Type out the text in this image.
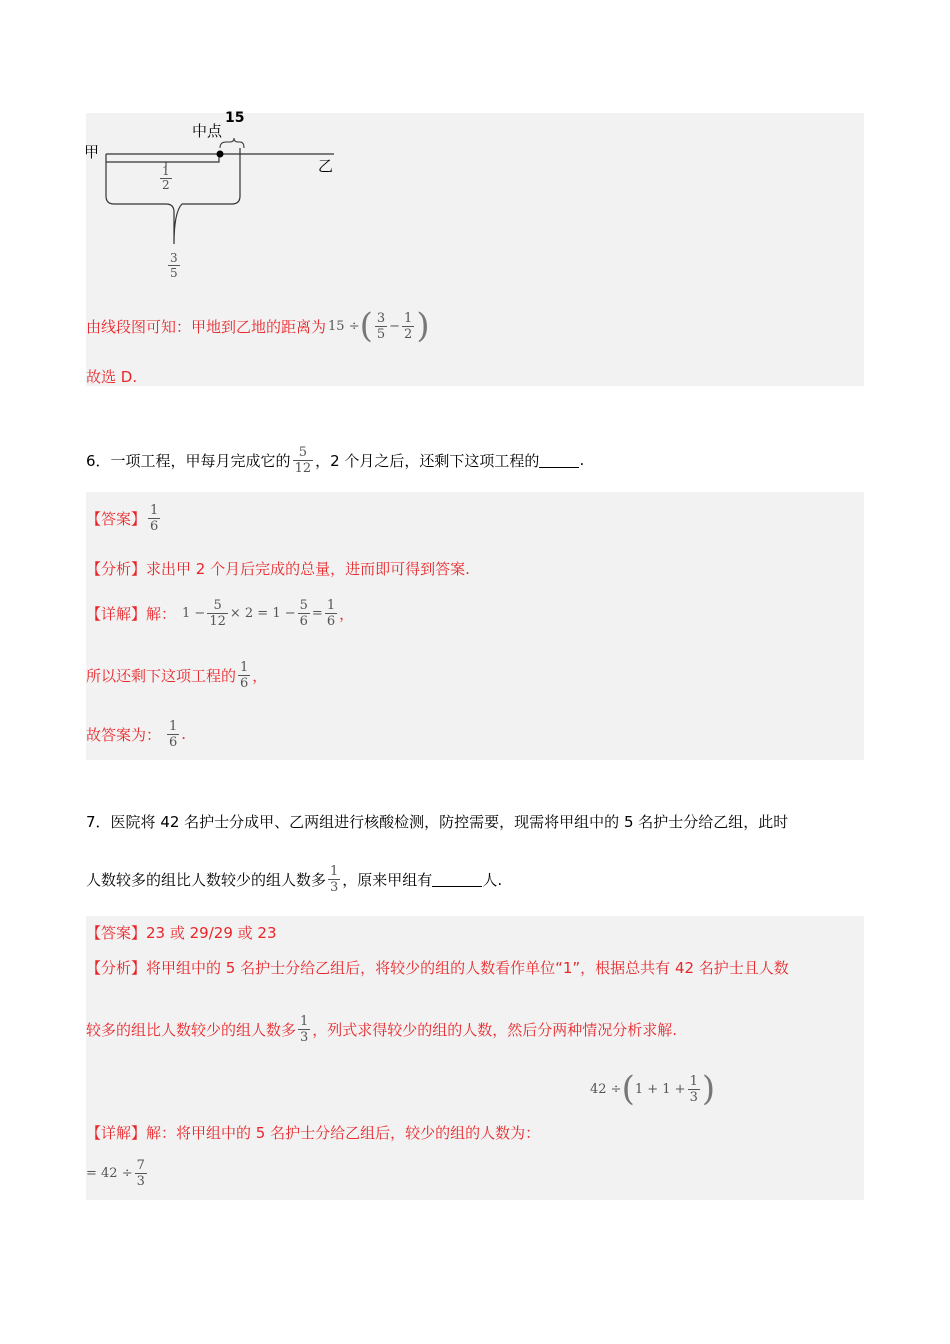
甲
乙
中点
15
$\frac{1}{2}$
$\frac{3}{5}$
由线段图可知：甲地到乙地的距离为 15 ÷ ( $\frac{3}{5} - \frac{1}{2}$ )
故选 D.
6． 一项工程，甲每月完成它的 $\frac{5}{12}$ ，2 个月之后，还剩下这项工程的	.
【答案】 $\frac{1}{6}$
【分析】求出甲 2 个月后完成的总量，进而即可得到答案.
【详解】 解： $1 - \frac{5}{12} \times 2 = 1 - \frac{5}{6} = \frac{1}{6}$ ，
所以还剩下这项工程的 $\frac{1}{6}$ ，
故答案为： $\frac{1}{6}$ .
7．医院将 42 名护士分成甲、乙两组进行核酸检测，防控需要，现需将甲组中的 5 名护士分给乙组，此时
人数较多的组比人数较少的组人数多 $\frac{1}{3}$ ，原来甲组有	人.
【答案】23 或 29/29 或 23
【分析】将甲组中的 5 名护士分给乙组后，将较少的组的人数看作单位“1”，根据总共有 42 名护士且人数
较多的组比人数较少的组人数多 $\frac{1}{3}$ ，列式求得较少的组的人数，然后分两种情况分析求解.
【详解】解：将甲组中的 5 名护士分给乙组后，较少的组的人数为：
42 ÷ ( $1 + 1 + \frac{1}{3}$ )
= $42 \div \frac{7}{3}$
